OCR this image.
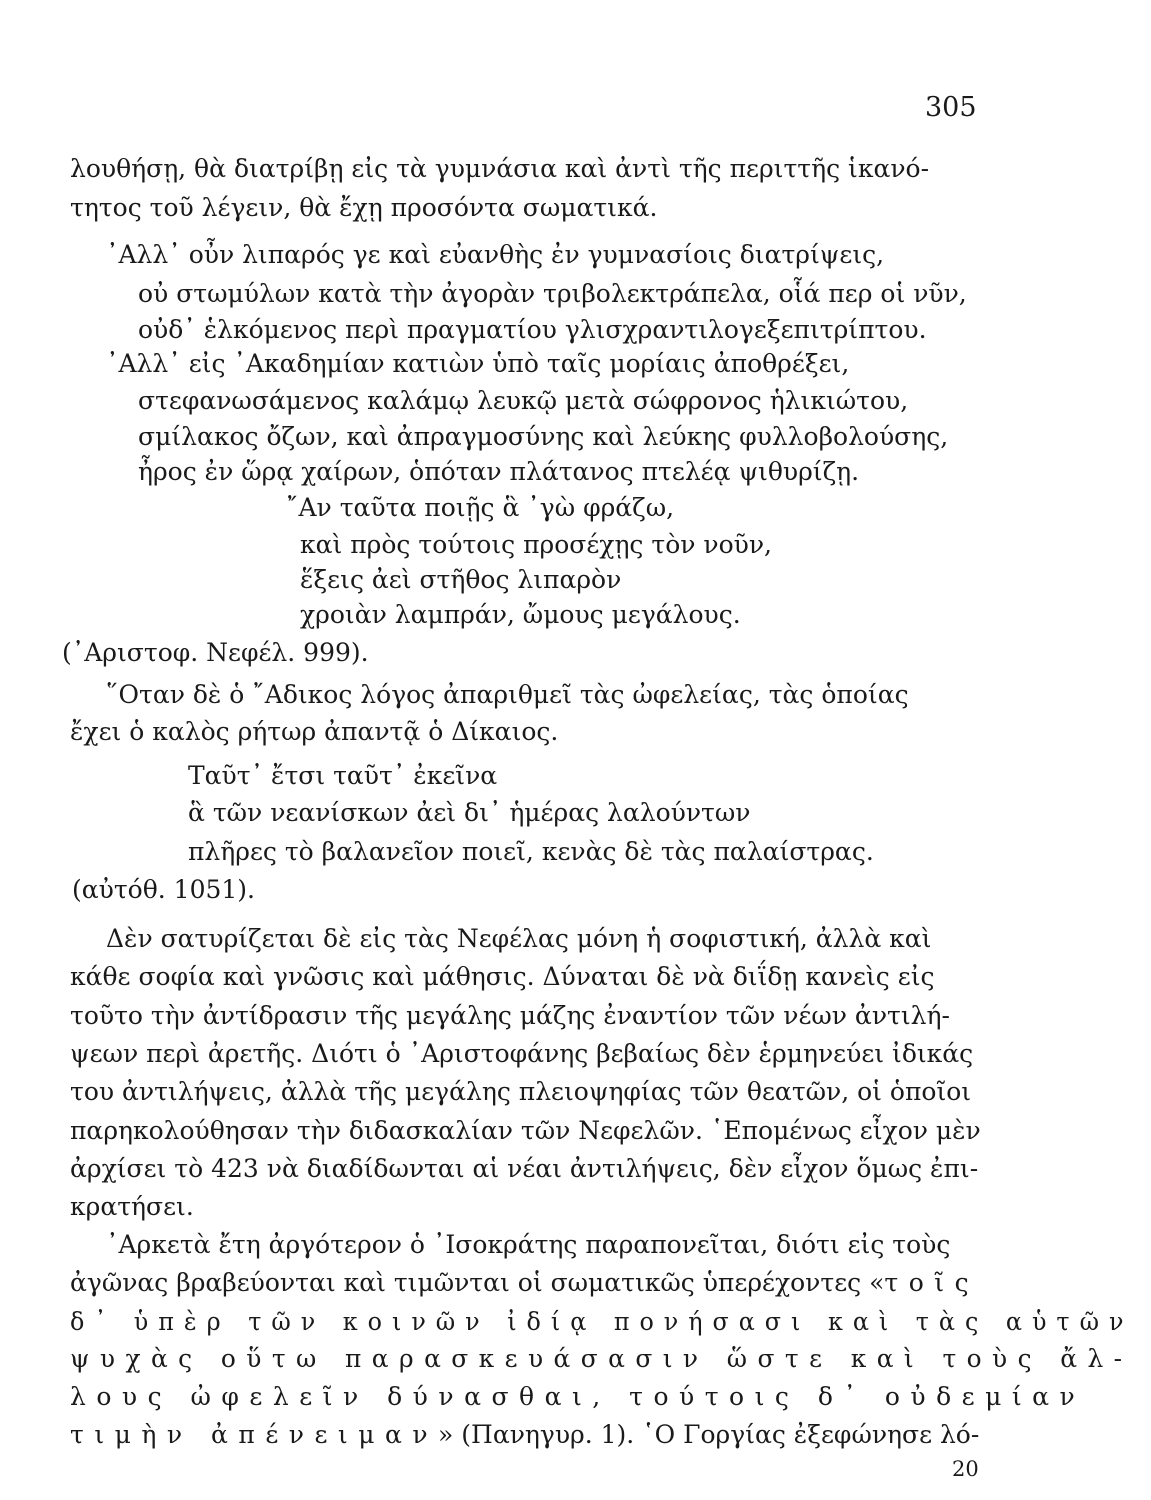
305
λουθήσῃ, θὰ διατρίβῃ εἰς τὰ γυμνάσια καὶ ἀντὶ τῆς περιττῆς ἱκανό-
τητος τοῦ λέγειν, θὰ ἔχῃ προσόντα σωματικά.
᾿Αλλ᾿ οὖν λιπαρός γε καὶ εὐανθὴς ἐν γυμνασίοις διατρίψεις,
οὐ στωμύλων κατὰ τὴν ἀγορὰν τριβολεκτράπελα, οἷά περ οἱ νῦν,
οὐδ᾿ ἑλκόμενος περὶ πραγματίου γλισχραντιλογεξεπιτρίπτου.
᾿Αλλ᾿ εἰς ᾿Ακαδημίαν κατιὼν ὑπὸ ταῖς μορίαις ἀποθρέξει,
στεφανωσάμενος καλάμῳ λευκῷ μετὰ σώφρονος ἡλικιώτου,
σμίλακος ὄζων, καὶ ἀπραγμοσύνης καὶ λεύκης φυλλοβολούσης,
ἦρος ἐν ὥρᾳ χαίρων, ὁπόταν πλάτανος πτελέᾳ ψιθυρίζῃ.
῎Αν ταῦτα ποιῇς ἃ ᾿γὼ φράζω,
καὶ πρὸς τούτοις προσέχῃς τὸν νοῦν,
ἕξεις ἀεὶ στῆθος λιπαρὸν
χροιὰν λαμπράν, ὤμους μεγάλους.
(᾿Αριστοφ. Νεφέλ. 999).
῞Οταν δὲ ὁ ῎Αδικος λόγος ἀπαριθμεῖ τὰς ὠφελείας, τὰς ὁποίας
ἔχει ὁ καλὸς ρήτωρ ἀπαντᾷ ὁ Δίκαιος.
Ταῦτ᾿ ἔτσι ταῦτ᾿ ἐκεῖνα
ἃ τῶν νεανίσκων ἀεὶ δι᾿ ἡμέρας λαλούντων
πλῆρες τὸ βαλανεῖον ποιεῖ, κενὰς δὲ τὰς παλαίστρας.
(αὐτόθ. 1051).
Δὲν σατυρίζεται δὲ εἰς τὰς Νεφέλας μόνη ἡ σοφιστική, ἀλλὰ καὶ
κάθε σοφία καὶ γνῶσις καὶ μάθησις. Δύναται δὲ νὰ διΐδῃ κανεὶς εἰς
τοῦτο τὴν ἀντίδρασιν τῆς μεγάλης μάζης ἐναντίον τῶν νέων ἀντιλή-
ψεων περὶ ἀρετῆς. Διότι ὁ ᾿Αριστοφάνης βεβαίως δὲν ἑρμηνεύει ἰδικάς
του ἀντιλήψεις, ἀλλὰ τῆς μεγάλης πλειοψηφίας τῶν θεατῶν, οἱ ὁποῖοι
παρηκολούθησαν τὴν διδασκαλίαν τῶν Νεφελῶν. ῾Επομένως εἶχον μὲν
ἀρχίσει τὸ 423 νὰ διαδίδωνται αἱ νέαι ἀντιλήψεις, δὲν εἶχον ὅμως ἐπι-
κρατήσει.
᾿Αρκετὰ ἔτη ἀργότερον ὁ ᾿Ισοκράτης παραπονεῖται, διότι εἰς τοὺς
ἀγῶνας βραβεύονται καὶ τιμῶνται οἱ σωματικῶς ὑπερέχοντες «τοῖς
δ᾿ ὑπὲρ τῶν κοινῶν ἰδίᾳ πονήσασι καὶ τὰς αὑτῶν
ψυχὰς οὕτω παρασκευάσασιν ὥστε καὶ τοὺς ἄλ-
λους ὠφελεῖν δύνασθαι, τούτοις δ᾿ οὐδεμίαν
τιμὴν ἀπένειμαν» (Πανηγυρ. 1). ῾Ο Γοργίας ἐξεφώνησε λό-
20
